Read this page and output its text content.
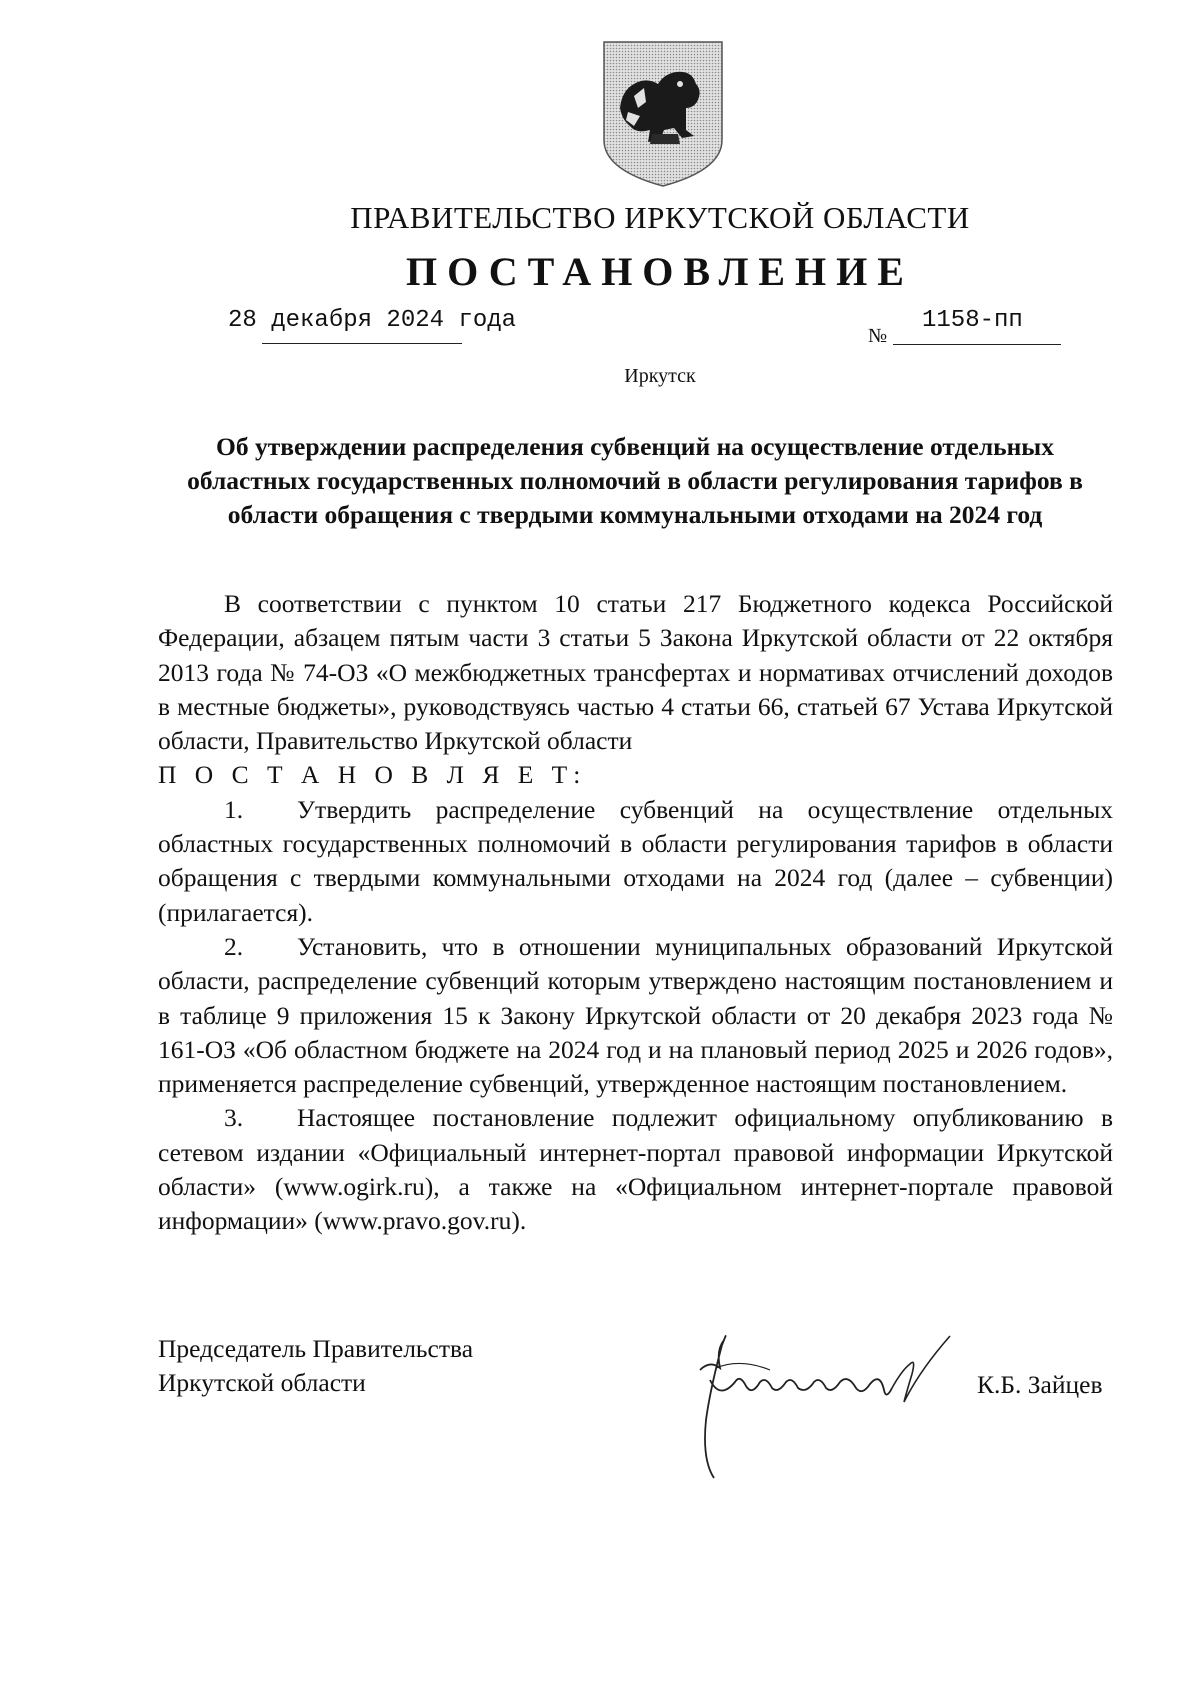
ПРАВИТЕЛЬСТВО ИРКУТСКОЙ ОБЛАСТИ
ПОСТАНОВЛЕНИЕ
28 декабря 2024 года
№
1158-пп
Иркутск
Об утверждении распределения субвенций на осуществление отдельных областных государственных полномочий в области регулирования тарифов в области обращения с твердыми коммунальными отходами на 2024 год

В соответствии с пунктом 10 статьи 217 Бюджетного кодекса Российской Федерации, абзацем пятым части 3 статьи 5 Закона Иркутской области от 22 октября 2013 года № 74-ОЗ «О межбюджетных трансфертах и нормативах отчислений доходов в местные бюджеты», руководствуясь частью 4 статьи 66, статьей 67 Устава Иркутской области, Правительство Иркутской области

П О С Т А Н О В Л Я Е Т:

1. Утвердить распределение субвенций на осуществление отдельных областных государственных полномочий в области регулирования тарифов в области обращения с твердыми коммунальными отходами на 2024 год (далее – субвенции) (прилагается).

2. Установить, что в отношении муниципальных образований Иркутской области, распределение субвенций которым утверждено настоящим постановлением и в таблице 9 приложения 15 к Закону Иркутской области от 20 декабря 2023 года № 161-ОЗ «Об областном бюджете на 2024 год и на плановый период 2025 и 2026 годов», применяется распределение субвенций, утвержденное настоящим постановлением.

3. Настоящее постановление подлежит официальному опубликованию в сетевом издании «Официальный интернет-портал правовой информации Иркутской области» (www.ogirk.ru), а также на «Официальном интернет-портале правовой информации» (www.pravo.gov.ru).

Председатель Правительства
Иркутской области	К.Б. Зайцев
